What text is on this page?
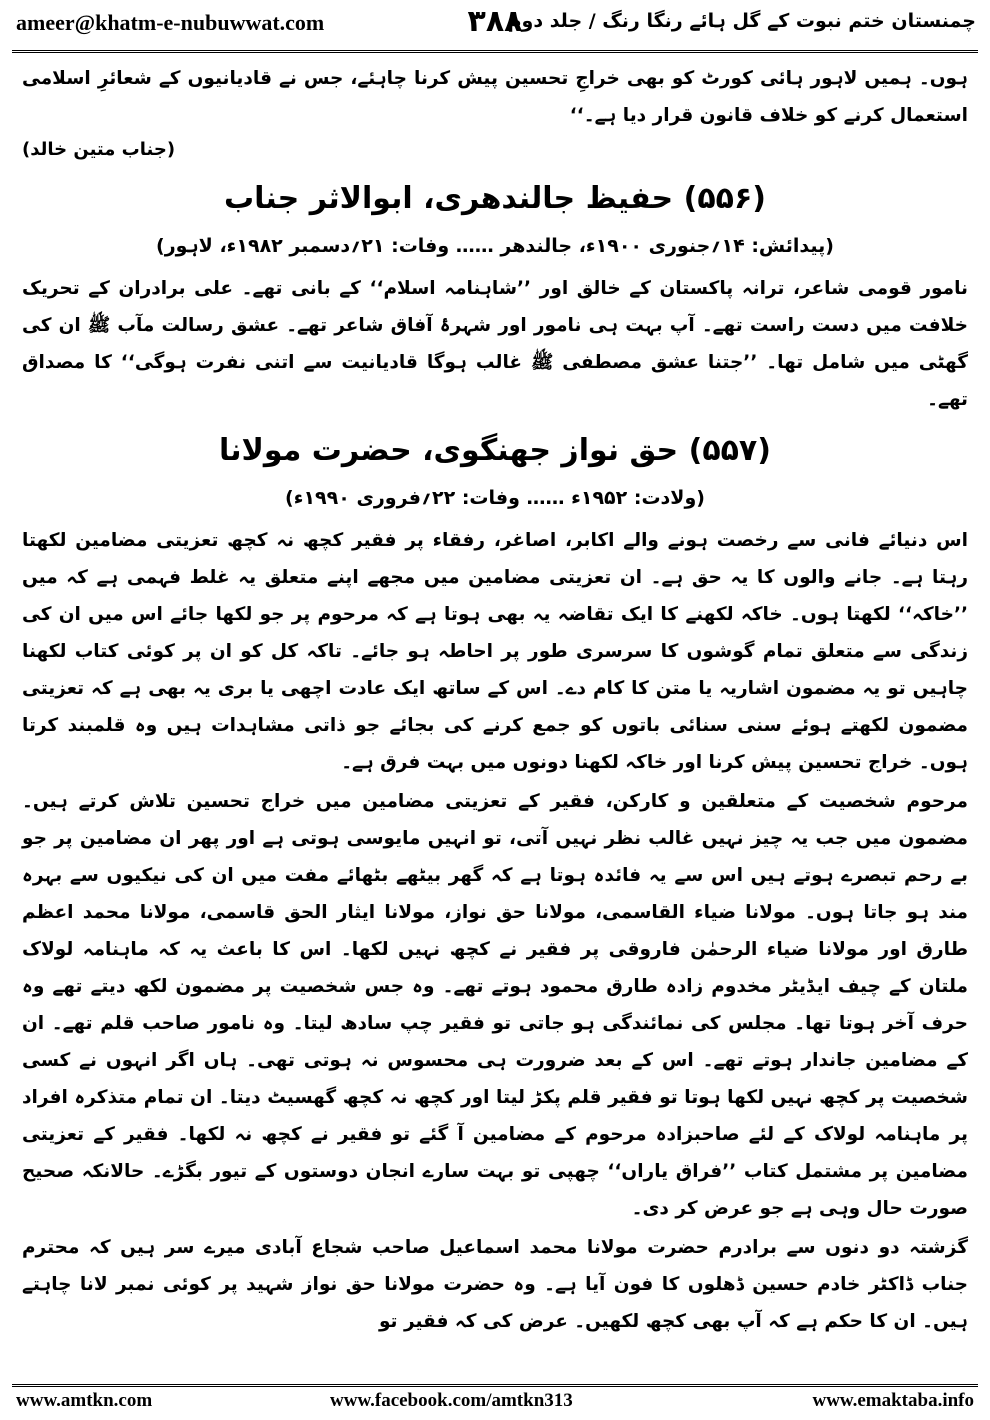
ameer@khatm-e-nubuwwat.com	۳۸۸
چمنستان ختم نبوت کے گل ہائے رنگا رنگ / جلد دوم

ہوں۔ ہمیں لاہور ہائی کورٹ کو بھی خراجِ تحسین پیش کرنا چاہئے، جس نے قادیانیوں کے شعائرِ اسلامی استعمال کرنے کو خلاف قانون قرار دیا ہے۔‘‘
(جناب متین خالد)

(۵۵۶) حفیظ جالندھری، ابوالاثر جناب
(پیدائش: ۱۴؍جنوری ۱۹۰۰ء، جالندھر …… وفات: ۲۱؍دسمبر ۱۹۸۲ء، لاہور)

نامور قومی شاعر، ترانہ پاکستان کے خالق اور ’’شاہنامہ اسلام‘‘ کے بانی تھے۔ علی برادران کے تحریک خلافت میں دست راست تھے۔ آپ بہت ہی نامور اور شہرۂ آفاق شاعر تھے۔ عشق رسالت مآب ﷺ ان کی گھٹی میں شامل تھا۔ ’’جتنا عشق مصطفی ﷺ غالب ہوگا قادیانیت سے اتنی نفرت ہوگی‘‘ کا مصداق تھے۔

(۵۵۷) حق نواز جھنگوی، حضرت مولانا
(ولادت: ۱۹۵۲ء …… وفات: ۲۲؍فروری ۱۹۹۰ء)

اس دنیائے فانی سے رخصت ہونے والے اکابر، اصاغر، رفقاء پر فقیر کچھ نہ کچھ تعزیتی مضامین لکھتا رہتا ہے۔ جانے والوں کا یہ حق ہے۔ ان تعزیتی مضامین میں مجھے اپنے متعلق یہ غلط فہمی ہے کہ میں ’’خاکہ‘‘ لکھتا ہوں۔ خاکہ لکھنے کا ایک تقاضہ یہ بھی ہوتا ہے کہ مرحوم پر جو لکھا جائے اس میں ان کی زندگی سے متعلق تمام گوشوں کا سرسری طور پر احاطہ ہو جائے۔ تاکہ کل کو ان پر کوئی کتاب لکھنا چاہیں تو یہ مضمون اشاریہ یا متن کا کام دے۔ اس کے ساتھ ایک عادت اچھی یا بری یہ بھی ہے کہ تعزیتی مضمون لکھتے ہوئے سنی سنائی باتوں کو جمع کرنے کی بجائے جو ذاتی مشاہدات ہیں وہ قلمبند کرتا ہوں۔ خراج تحسین پیش کرنا اور خاکہ لکھنا دونوں میں بہت فرق ہے۔

مرحوم شخصیت کے متعلقین و کارکن، فقیر کے تعزیتی مضامین میں خراج تحسین تلاش کرتے ہیں۔ مضمون میں جب یہ چیز نہیں غالب نظر نہیں آتی، تو انہیں مایوسی ہوتی ہے اور پھر ان مضامین پر جو بے رحم تبصرے ہوتے ہیں اس سے یہ فائدہ ہوتا ہے کہ گھر بیٹھے بٹھائے مفت میں ان کی نیکیوں سے بہرہ مند ہو جاتا ہوں۔ مولانا ضیاء القاسمی، مولانا حق نواز، مولانا ایثار الحق قاسمی، مولانا محمد اعظم طارق اور مولانا ضیاء الرحمٰن فاروقی پر فقیر نے کچھ نہیں لکھا۔ اس کا باعث یہ کہ ماہنامہ لولاک ملتان کے چیف ایڈیٹر مخدوم زادہ طارق محمود ہوتے تھے۔ وہ جس شخصیت پر مضمون لکھ دیتے تھے وہ حرف آخر ہوتا تھا۔ مجلس کی نمائندگی ہو جاتی تو فقیر چپ سادھ لیتا۔ وہ نامور صاحب قلم تھے۔ ان کے مضامین جاندار ہوتے تھے۔ اس کے بعد ضرورت ہی محسوس نہ ہوتی تھی۔ ہاں اگر انہوں نے کسی شخصیت پر کچھ نہیں لکھا ہوتا تو فقیر قلم پکڑ لیتا اور کچھ نہ کچھ گھسیٹ دیتا۔ ان تمام متذکرہ افراد پر ماہنامہ لولاک کے لئے صاحبزادہ مرحوم کے مضامین آ گئے تو فقیر نے کچھ نہ لکھا۔ فقیر کے تعزیتی مضامین پر مشتمل کتاب ’’فراق یاراں‘‘ چھپی تو بہت سارے انجان دوستوں کے تیور بگڑے۔ حالانکہ صحیح صورت حال وہی ہے جو عرض کر دی۔

گزشتہ دو دنوں سے برادرم حضرت مولانا محمد اسماعیل صاحب شجاع آبادی میرے سر ہیں کہ محترم جناب ڈاکٹر خادم حسین ڈھلوں کا فون آیا ہے۔ وہ حضرت مولانا حق نواز شہید پر کوئی نمبر لانا چاہتے ہیں۔ ان کا حکم ہے کہ آپ بھی کچھ لکھیں۔ عرض کی کہ فقیر تو

www.amtkn.com	www.facebook.com/amtkn313	www.emaktaba.info
